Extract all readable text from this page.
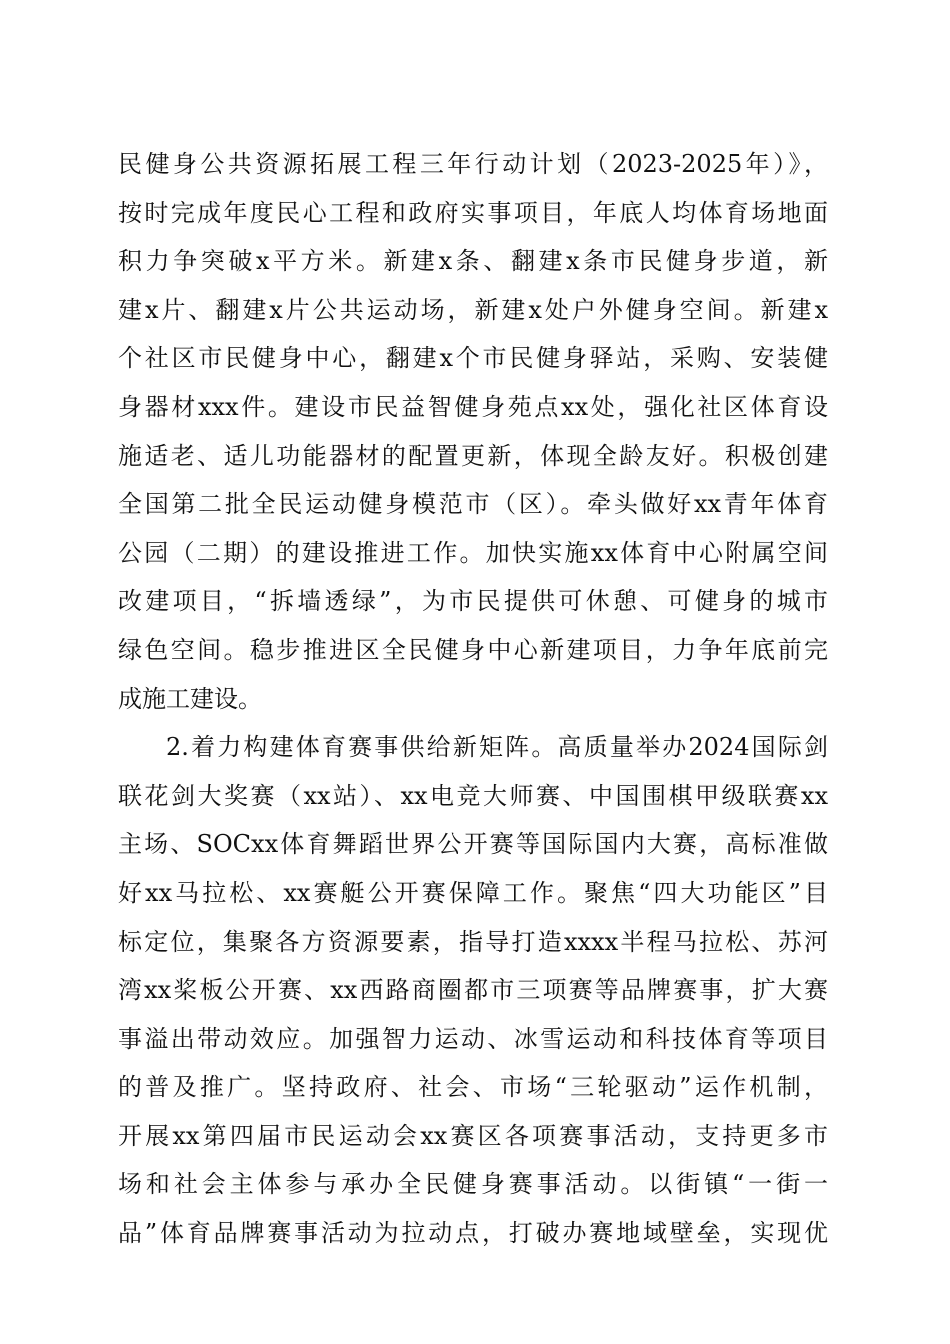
民健身公共资源拓展工程三年行动计划（2023-2025年）》，
按时完成年度民心工程和政府实事项目，年底人均体育场地面
积力争突破x平方米。新建x条、翻建x条市民健身步道，新
建x片、翻建x片公共运动场，新建x处户外健身空间。新建x
个社区市民健身中心，翻建x个市民健身驿站，采购、安装健
身器材xxx件。建设市民益智健身苑点xx处，强化社区体育设
施适老、适儿功能器材的配置更新，体现全龄友好。积极创建
全国第二批全民运动健身模范市（区）。牵头做好xx青年体育
公园（二期）的建设推进工作。加快实施xx体育中心附属空间
改建项目，“拆墙透绿”，为市民提供可休憩、可健身的城市
绿色空间。稳步推进区全民健身中心新建项目，力争年底前完
成施工建设。
2.着力构建体育赛事供给新矩阵。高质量举办2024国际剑
联花剑大奖赛（xx站）、xx电竞大师赛、中国围棋甲级联赛xx
主场、SOCxx体育舞蹈世界公开赛等国际国内大赛，高标准做
好xx马拉松、xx赛艇公开赛保障工作。聚焦“四大功能区”目
标定位，集聚各方资源要素，指导打造xxxx半程马拉松、苏河
湾xx桨板公开赛、xx西路商圈都市三项赛等品牌赛事，扩大赛
事溢出带动效应。加强智力运动、冰雪运动和科技体育等项目
的普及推广。坚持政府、社会、市场“三轮驱动”运作机制，
开展xx第四届市民运动会xx赛区各项赛事活动，支持更多市
场和社会主体参与承办全民健身赛事活动。以街镇“一街一
品”体育品牌赛事活动为拉动点，打破办赛地域壁垒，实现优
